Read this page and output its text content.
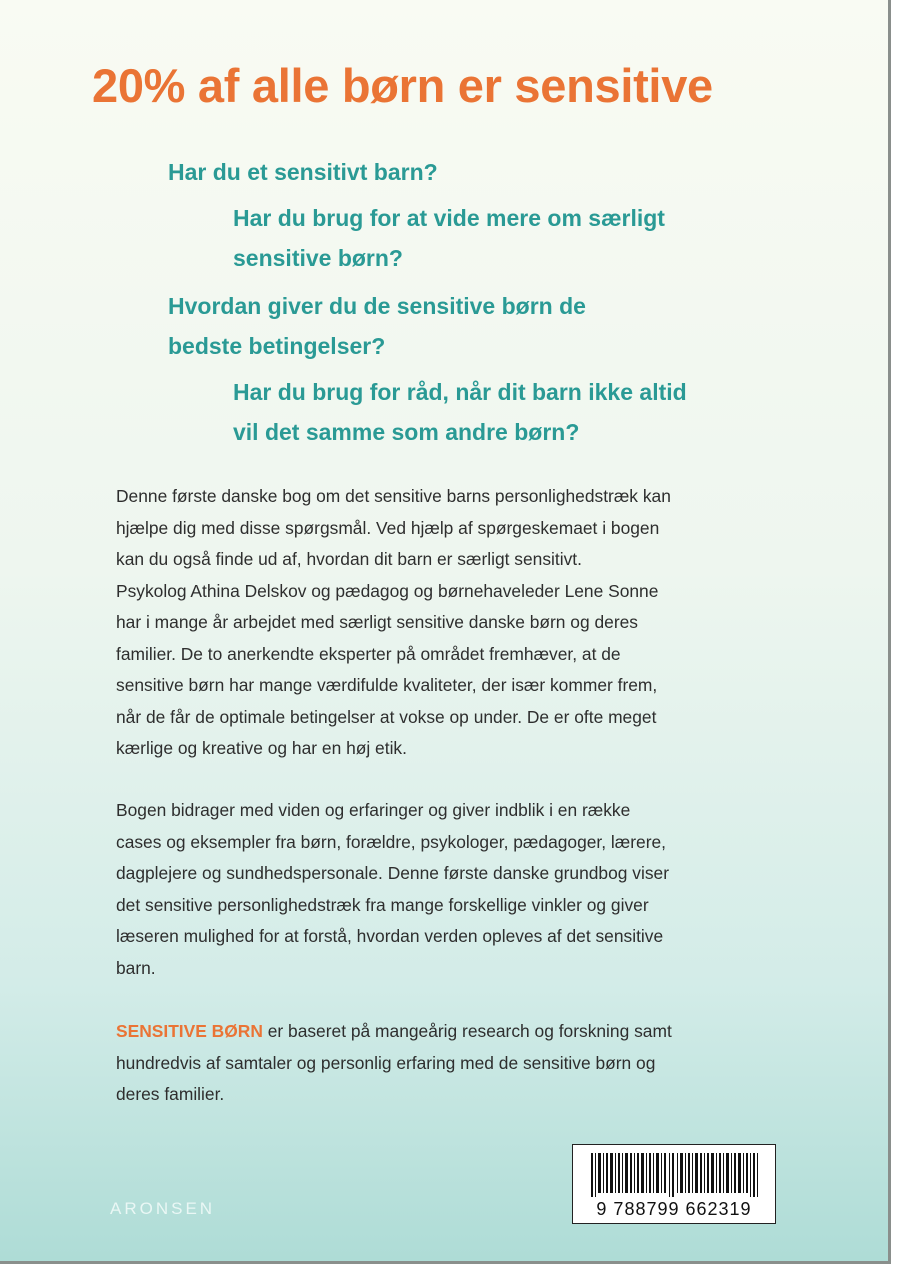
20% af alle børn er sensitive

Har du et sensitivt barn?

Har du brug for at vide mere om særligt
sensitive børn?

Hvordan giver du de sensitive børn de
bedste betingelser?

Har du brug for råd, når dit barn ikke altid
vil det samme som andre børn?

Denne første danske bog om det sensitive barns personlighedstræk kan
hjælpe dig med disse spørgsmål. Ved hjælp af spørgeskemaet i bogen
kan du også finde ud af, hvordan dit barn er særligt sensitivt.
Psykolog Athina Delskov og pædagog og børnehaveleder Lene Sonne
har i mange år arbejdet med særligt sensitive danske børn og deres
familier. De to anerkendte eksperter på området fremhæver, at de
sensitive børn har mange værdifulde kvaliteter, der især kommer frem,
når de får de optimale betingelser at vokse op under. De er ofte meget
kærlige og kreative og har en høj etik.

Bogen bidrager med viden og erfaringer og giver indblik i en række
cases og eksempler fra børn, forældre, psykologer, pædagoger, lærere,
dagplejere og sundhedspersonale. Denne første danske grundbog viser
det sensitive personlighedstræk fra mange forskellige vinkler og giver
læseren mulighed for at forstå, hvordan verden opleves af det sensitive
barn.

SENSITIVE BØRN er baseret på mangeårig research og forskning samt
hundredvis af samtaler og personlig erfaring med de sensitive børn og
deres familier.

ARONSEN	9 788799 662319
